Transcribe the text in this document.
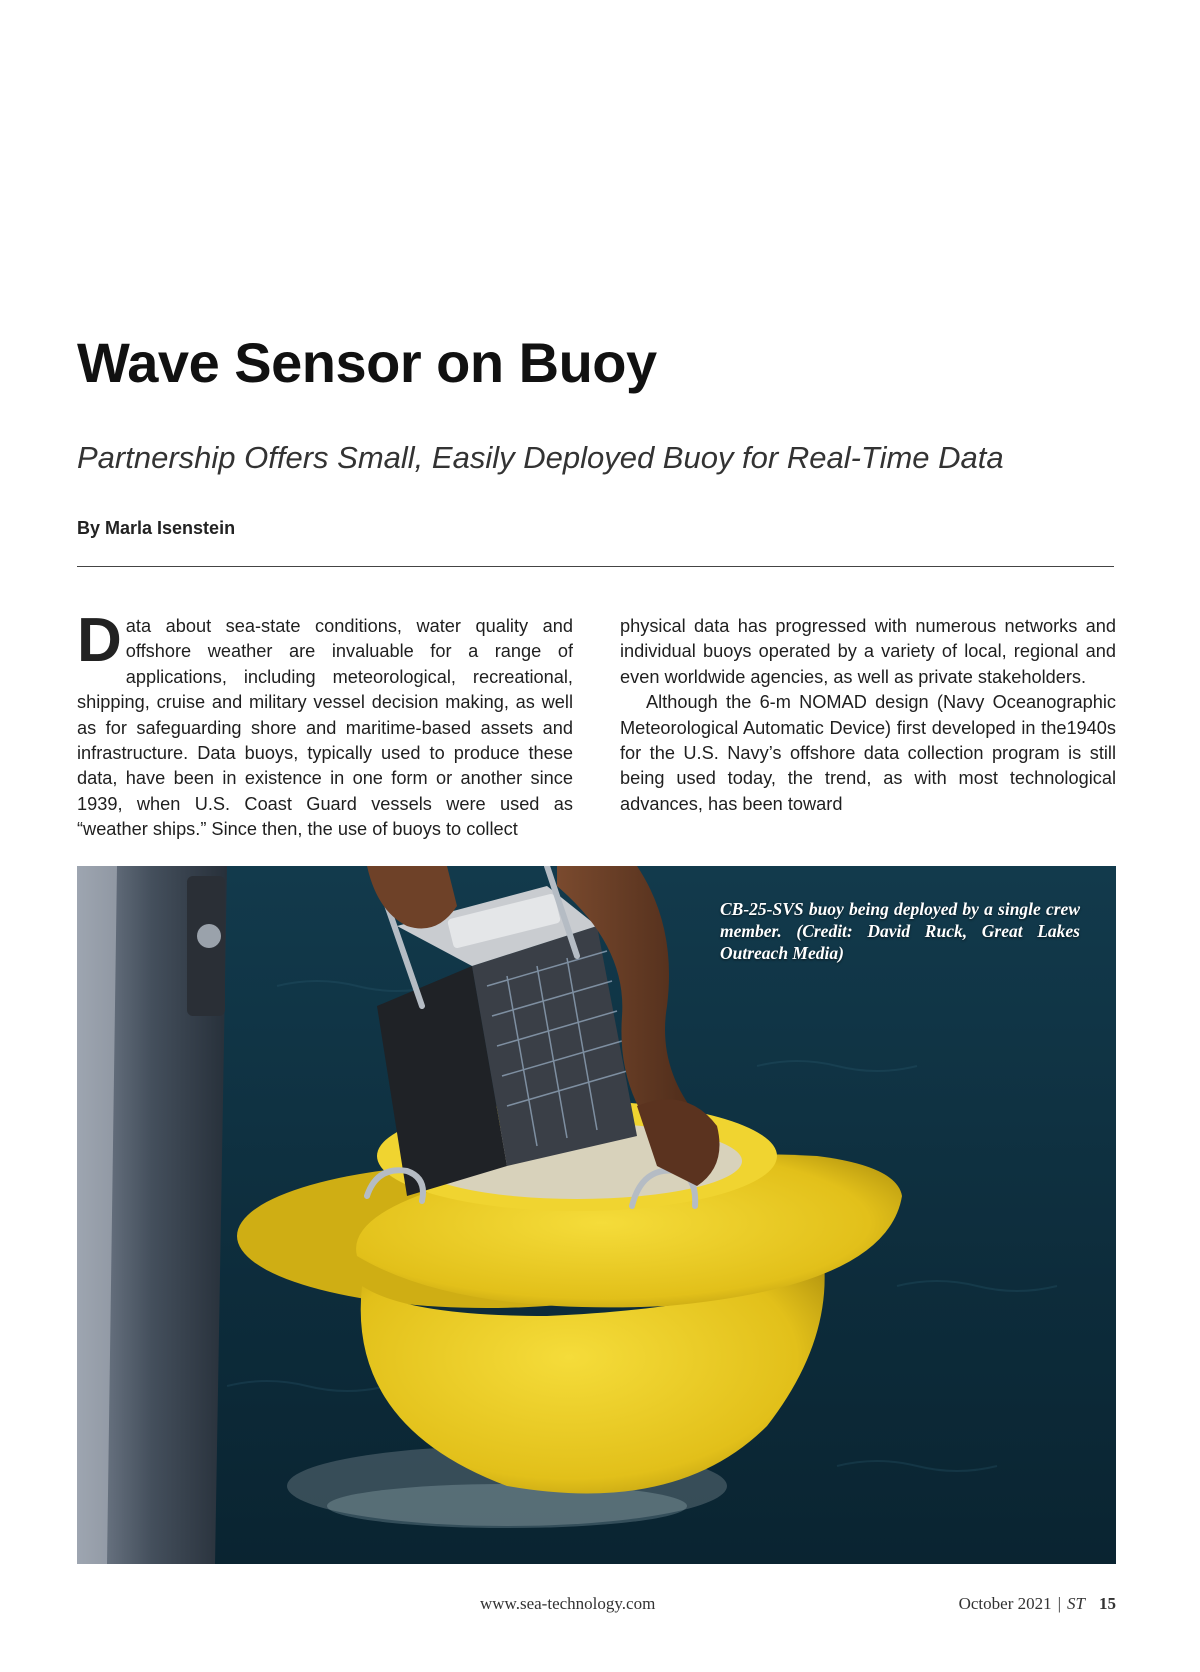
Wave Sensor on Buoy
Partnership Offers Small, Easily Deployed Buoy for Real-Time Data
By Marla Isenstein

Data about sea-state conditions, water quality and offshore weather are invaluable for a range of applications, including meteorological, recreational, shipping, cruise and military vessel decision making, as well as for safeguarding shore and maritime-based assets and infrastructure. Data buoys, typically used to produce these data, have been in existence in one form or another since 1939, when U.S. Coast Guard vessels were used as “weather ships.” Since then, the use of buoys to collect

physical data has progressed with numerous networks and individual buoys operated by a variety of local, regional and even worldwide agencies, as well as private stakeholders.

Although the 6-m NOMAD design (Navy Oceanographic Meteorological Automatic Device) first developed in the1940s for the U.S. Navy’s offshore data collection program is still being used today, the trend, as with most technological advances, has been toward

CB-25-SVS buoy being deployed by a single crew member. (Credit: David Ruck, Great Lakes Outreach Media)

www.sea-technology.com	October 2021 | ST 15
